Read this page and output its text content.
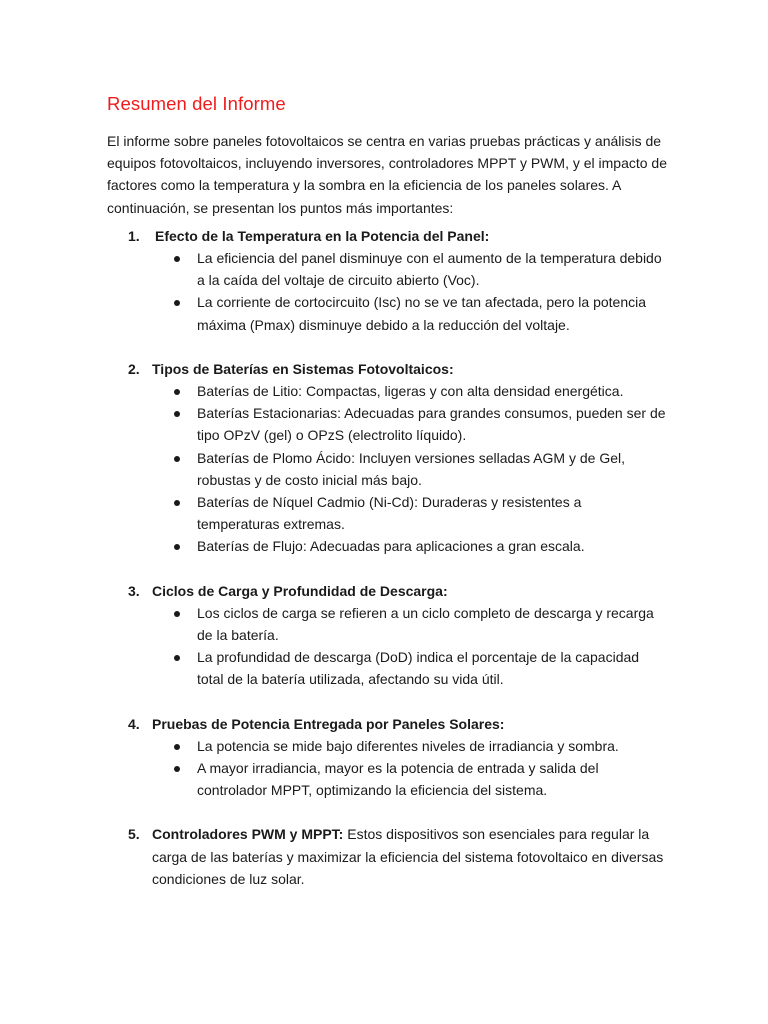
Resumen del Informe

El informe sobre paneles fotovoltaicos se centra en varias pruebas prácticas y análisis de equipos fotovoltaicos, incluyendo inversores, controladores MPPT y PWM, y el impacto de factores como la temperatura y la sombra en la eficiencia de los paneles solares. A continuación, se presentan los puntos más importantes:

1. Efecto de la Temperatura en la Potencia del Panel:
La eficiencia del panel disminuye con el aumento de la temperatura debido a la caída del voltaje de circuito abierto (Voc).
La corriente de cortocircuito (Isc) no se ve tan afectada, pero la potencia máxima (Pmax) disminuye debido a la reducción del voltaje.
2. Tipos de Baterías en Sistemas Fotovoltaicos:
Baterías de Litio: Compactas, ligeras y con alta densidad energética.
Baterías Estacionarias: Adecuadas para grandes consumos, pueden ser de tipo OPzV (gel) o OPzS (electrolito líquido).
Baterías de Plomo Ácido: Incluyen versiones selladas AGM y de Gel, robustas y de costo inicial más bajo.
Baterías de Níquel Cadmio (Ni-Cd): Duraderas y resistentes a temperaturas extremas.
Baterías de Flujo: Adecuadas para aplicaciones a gran escala.
3. Ciclos de Carga y Profundidad de Descarga:
Los ciclos de carga se refieren a un ciclo completo de descarga y recarga de la batería.
La profundidad de descarga (DoD) indica el porcentaje de la capacidad total de la batería utilizada, afectando su vida útil.
4. Pruebas de Potencia Entregada por Paneles Solares:
La potencia se mide bajo diferentes niveles de irradiancia y sombra.
A mayor irradiancia, mayor es la potencia de entrada y salida del controlador MPPT, optimizando la eficiencia del sistema.
5. Controladores PWM y MPPT: Estos dispositivos son esenciales para regular la carga de las baterías y maximizar la eficiencia del sistema fotovoltaico en diversas condiciones de luz solar.
